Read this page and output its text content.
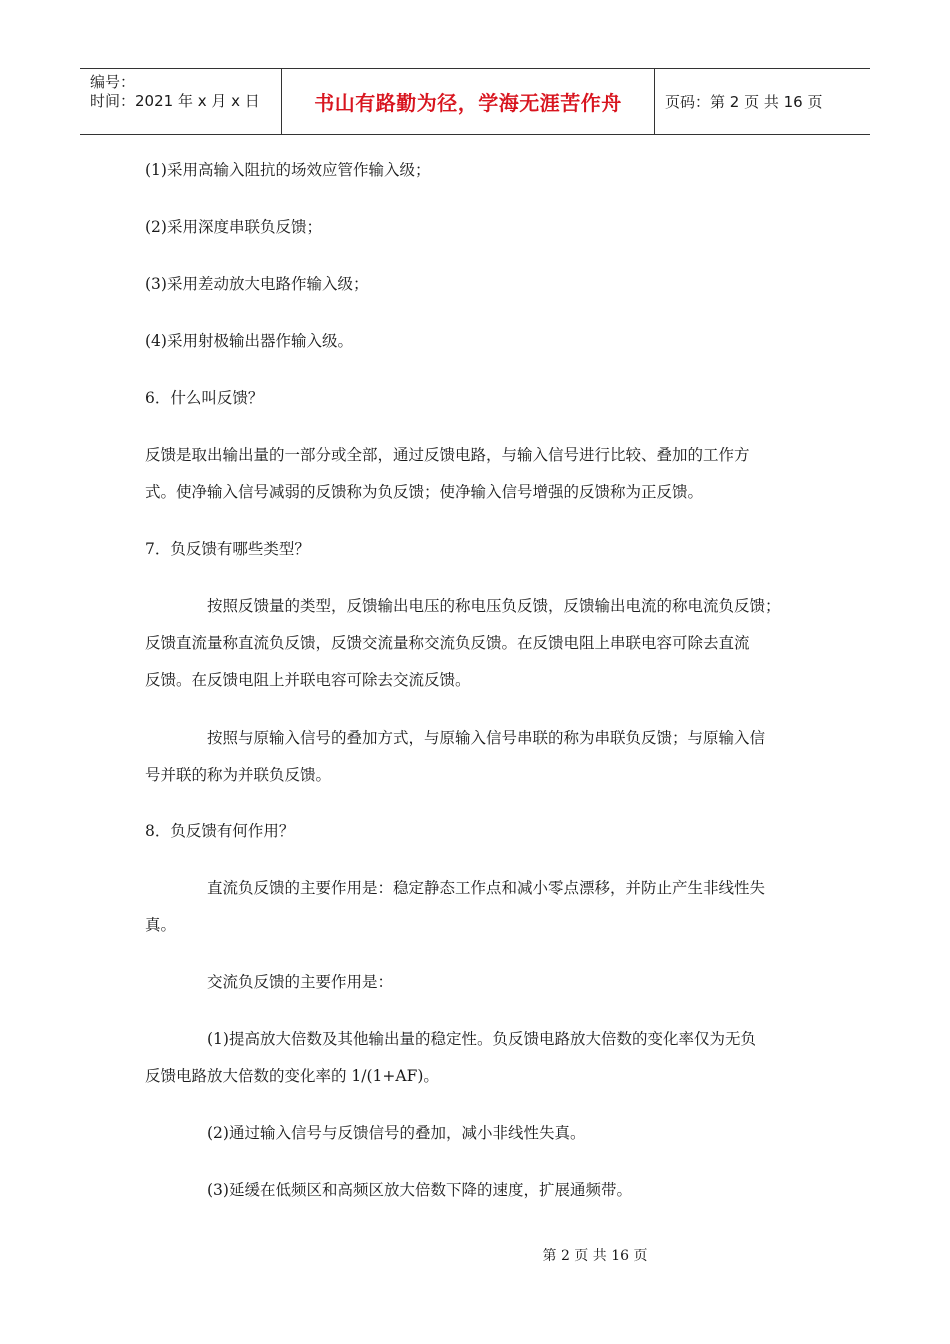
编号：
时间：2021 年 x 月 x 日	书山有路勤为径，学海无涯苦作舟	页码：第 2 页 共 16 页
(1)采用高输入阻抗的场效应管作输入级；
(2)采用深度串联负反馈；
(3)采用差动放大电路作输入级；
(4)采用射极输出器作输入级。
6．什么叫反馈？
反馈是取出输出量的一部分或全部，通过反馈电路，与输入信号进行比较、叠加的工作方
式。使净输入信号减弱的反馈称为负反馈；使净输入信号增强的反馈称为正反馈。
7．负反馈有哪些类型？
按照反馈量的类型，反馈输出电压的称电压负反馈，反馈输出电流的称电流负反馈；
反馈直流量称直流负反馈，反馈交流量称交流负反馈。在反馈电阻上串联电容可除去直流
反馈。在反馈电阻上并联电容可除去交流反馈。
按照与原输入信号的叠加方式，与原输入信号串联的称为串联负反馈；与原输入信
号并联的称为并联负反馈。
8．负反馈有何作用？
直流负反馈的主要作用是：稳定静态工作点和减小零点漂移，并防止产生非线性失
真。
交流负反馈的主要作用是：
(1)提高放大倍数及其他输出量的稳定性。负反馈电路放大倍数的变化率仅为无负
反馈电路放大倍数的变化率的 1/(1+AF)。
(2)通过输入信号与反馈信号的叠加，减小非线性失真。
(3)延缓在低频区和高频区放大倍数下降的速度，扩展通频带。
第 2 页 共 16 页
